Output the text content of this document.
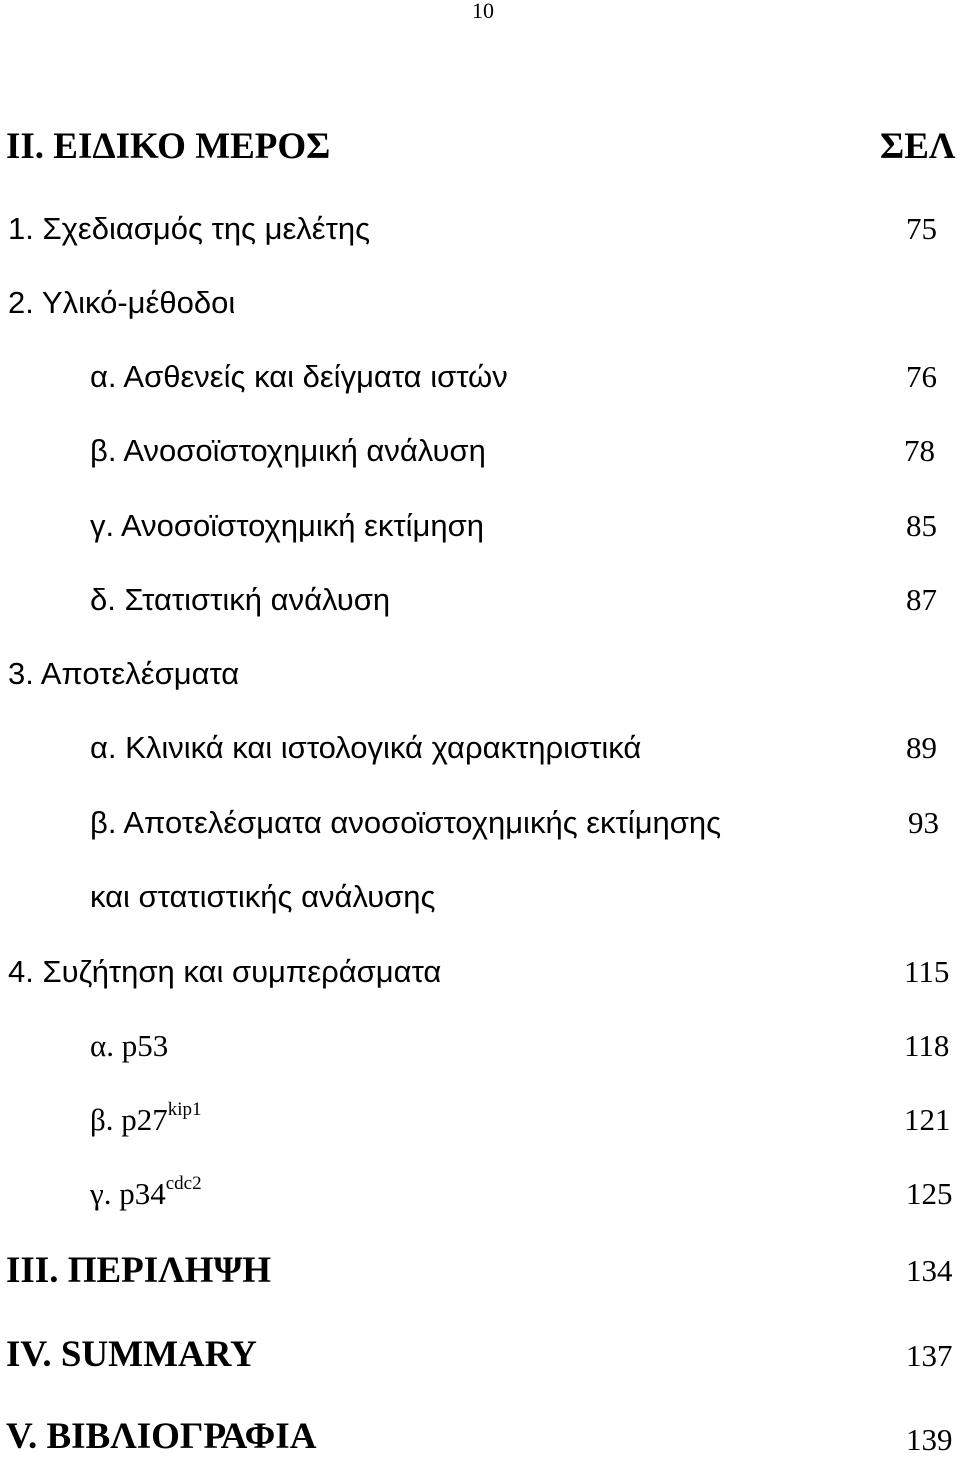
10
II. ΕΙΔΙΚΟ ΜΕΡΟΣ	ΣΕΛ
1. Σχεδιασμός της μελέτης	75
2. Υλικό-μέθοδοι
α. Ασθενείς και δείγματα ιστών	76
β. Ανοσοϊστοχημική ανάλυση	78
γ. Ανοσοϊστοχημική εκτίμηση	85
δ. Στατιστική ανάλυση	87
3. Αποτελέσματα
α. Κλινικά και ιστολογικά χαρακτηριστικά	89
β. Αποτελέσματα ανοσοϊστοχημικής εκτίμησης	93
και στατιστικής ανάλυσης
4. Συζήτηση και συμπεράσματα	115
α. p53	118
β. $p27^{kip1}$	121
γ. $p34^{cdc2}$	125
III. ΠΕΡΙΛΗΨΗ	134
IV. SUMMARY	137
V. ΒΙΒΛΙΟΓΡΑΦΙΑ	139
